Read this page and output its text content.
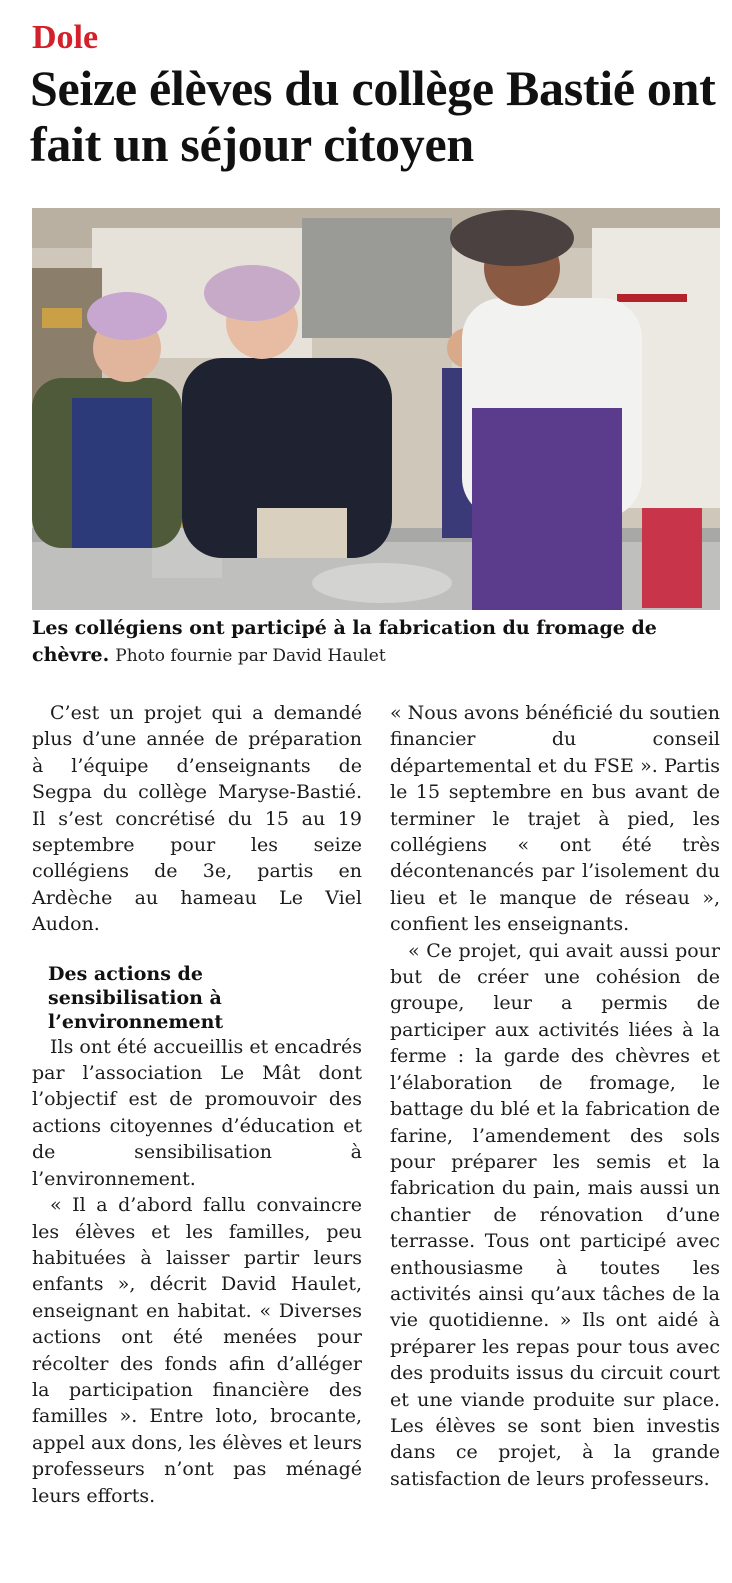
Dole
Seize élèves du collège Bastié ont fait un séjour citoyen
Les collégiens ont participé à la fabrication du fromage de chèvre. Photo fournie par David Haulet

C’est un projet qui a demandé plus d’une année de préparation à l’équipe d’enseignants de Segpa du collège Maryse-Bastié. Il s’est concrétisé du 15 au 19 septembre pour les seize collégiens de 3e, partis en Ardèche au hameau Le Viel Audon.

Des actions de sensibilisation à l’environnement

Ils ont été accueillis et encadrés par l’association Le Mât dont l’objectif est de promouvoir des actions citoyennes d’éducation et de sensibilisation à l’environnement.

« Il a d’abord fallu convaincre les élèves et les familles, peu habituées à laisser partir leurs enfants », décrit David Haulet, enseignant en habitat. « Diverses actions ont été menées pour récolter des fonds afin d’alléger la participation financière des familles ». Entre loto, brocante, appel aux dons, les élèves et leurs professeurs n’ont pas ménagé leurs efforts.

« Nous avons bénéficié du soutien financier du conseil départemental et du FSE ». Partis le 15 septembre en bus avant de terminer le trajet à pied, les collégiens « ont été très décontenancés par l’isolement du lieu et le manque de réseau », confient les enseignants.

« Ce projet, qui avait aussi pour but de créer une cohésion de groupe, leur a permis de participer aux activités liées à la ferme : la garde des chèvres et l’élaboration de fromage, le battage du blé et la fabrication de farine, l’amendement des sols pour préparer les semis et la fabrication du pain, mais aussi un chantier de rénovation d’une terrasse. Tous ont participé avec enthousiasme à toutes les activités ainsi qu’aux tâches de la vie quotidienne. » Ils ont aidé à préparer les repas pour tous avec des produits issus du circuit court et une viande produite sur place. Les élèves se sont bien investis dans ce projet, à la grande satisfaction de leurs professeurs.
